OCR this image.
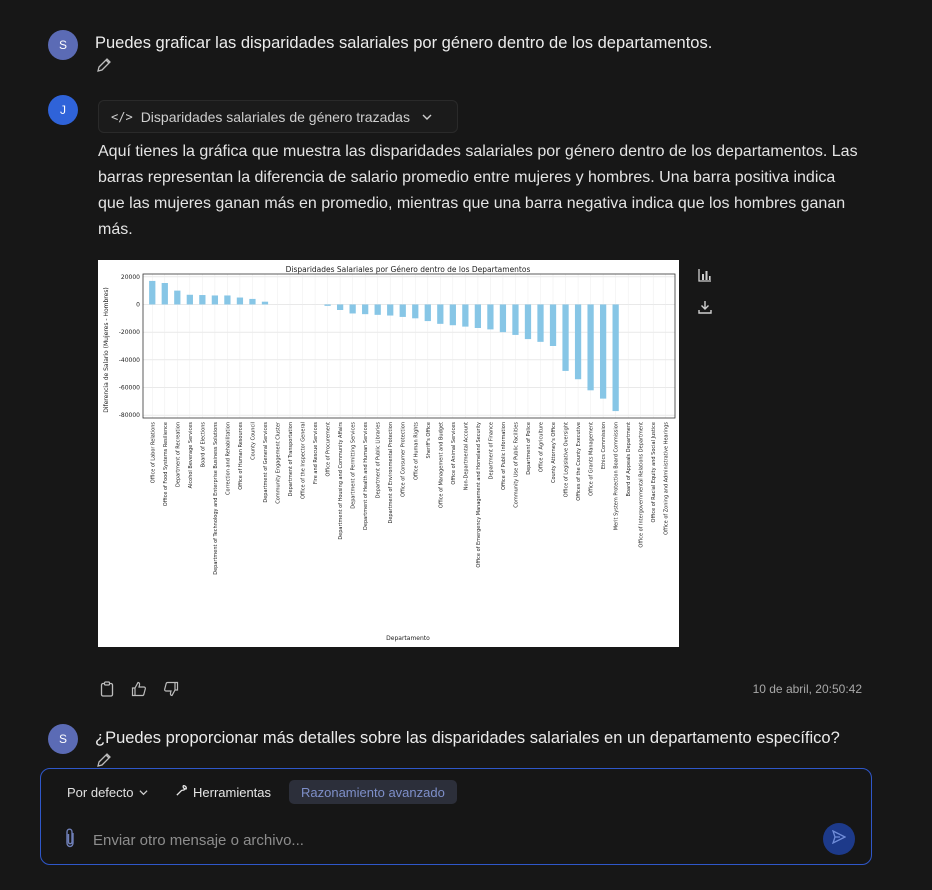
S	Puedes graficar las disparidades salariales por género dentro de los departamentos.
J	</> Disparidades salariales de género trazadas
Aquí tienes la gráfica que muestra las disparidades salariales por género dentro de los departamentos. Las barras representan la diferencia de salario promedio entre mujeres y hombres. Una barra positiva indica que las mujeres ganan más en promedio, mientras que una barra negativa indica que los hombres ganan más.
Disparidades Salariales por Género dentro de los Departamentos
Diferencia de Salario (Mujeres - Hombres)
Departamento
20000
0
-20000
-40000
-60000
-80000
Office of Labor Relations Office of Food Systems Resilience Department of Recreation Alcohol Beverage Services Board of Elections Department of Technology and Enterprise Business Solutions Correction and Rehabilitation Office of Human Resources County Council Department of General Services Community Engagement Cluster Department of Transportation Office of the Inspector General Fire and Rescue Services Office of Procurement Department of Housing and Community Affairs Department of Permitting Services Department of Health and Human Services Department of Public Libraries Department of Environmental Protection Office of Consumer Protection Office of Human Rights Sheriff's Office Office of Management and Budget Office of Animal Services Non-Departmental Account Office of Emergency Management and Homeland Security Department of Finance Office of Public Information Community Use of Public Facilities Department of Police Office of Agriculture County Attorney's Office Office of Legislative Oversight Offices of the County Executive Office of Grants Management Ethics Commission Merit System Protection Board Commission Board of Appeals Department Office of Intergovernmental Relations Department Office of Racial Equity and Social Justice Office of Zoning and Administrative Hearings
10 de abril, 20:50:42
S	¿Puedes proporcionar más detalles sobre las disparidades salariales en un departamento específico?
Por defecto	Herramientas Razonamiento avanzado
Enviar otro mensaje o archivo...
